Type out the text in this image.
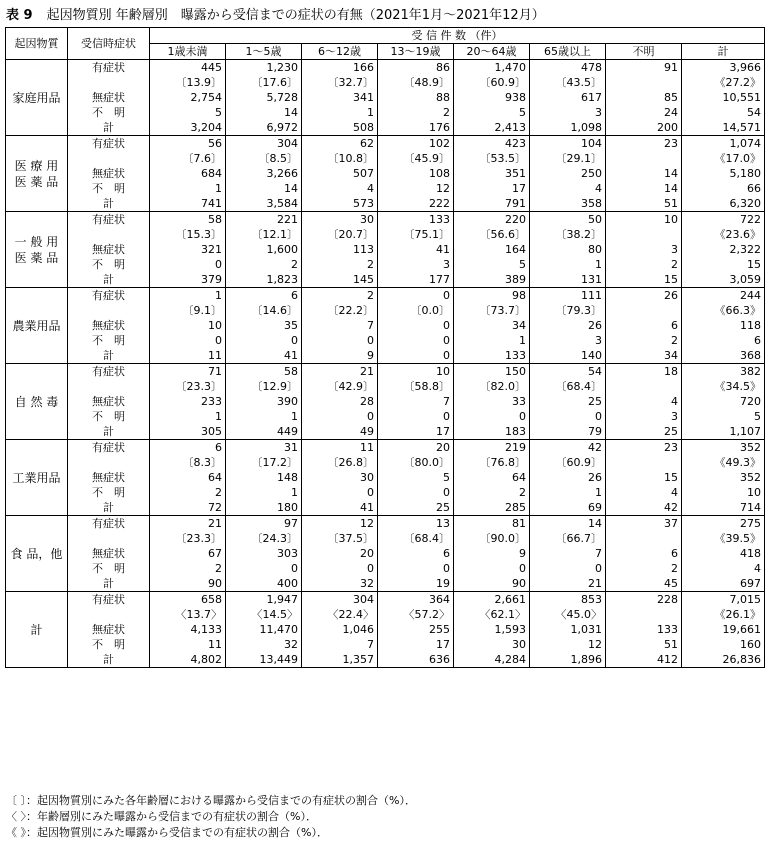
表 9 起因物質別 年齢層別　曝露から受信までの症状の有無（2021年1月～2021年12月）
起因物質	受信時症状	受 信 件 数 （件）							
		1歳未満	1～5歳	6～12歳	13～19歳	20～64歳	65歳以上	不明	計
家庭用品	有症状	445	1,230	166	86	1,470	478	91	3,966
		〔13.9〕	〔17.6〕	〔32.7〕	〔48.9〕	〔60.9〕	〔43.5〕		《27.2》
	無症状	2,754	5,728	341	88	938	617	85	10,551
	不　明	5	14	1	2	5	3	24	54
	計	3,204	6,972	508	176	2,413	1,098	200	14,571
医 療 用
医 薬 品	有症状	56	304	62	102	423	104	23	1,074
		〔7.6〕	〔8.5〕	〔10.8〕	〔45.9〕	〔53.5〕	〔29.1〕		《17.0》
	無症状	684	3,266	507	108	351	250	14	5,180
	不　明	1	14	4	12	17	4	14	66
	計	741	3,584	573	222	791	358	51	6,320
一 般 用
医 薬 品	有症状	58	221	30	133	220	50	10	722
		〔15.3〕	〔12.1〕	〔20.7〕	〔75.1〕	〔56.6〕	〔38.2〕		《23.6》
	無症状	321	1,600	113	41	164	80	3	2,322
	不　明	0	2	2	3	5	1	2	15
	計	379	1,823	145	177	389	131	15	3,059
農業用品	有症状	1	6	2	0	98	111	26	244
		〔9.1〕	〔14.6〕	〔22.2〕	〔0.0〕	〔73.7〕	〔79.3〕		《66.3》
	無症状	10	35	7	0	34	26	6	118
	不　明	0	0	0	0	1	3	2	6
	計	11	41	9	0	133	140	34	368
自 然 毒	有症状	71	58	21	10	150	54	18	382
		〔23.3〕	〔12.9〕	〔42.9〕	〔58.8〕	〔82.0〕	〔68.4〕		《34.5》
	無症状	233	390	28	7	33	25	4	720
	不　明	1	1	0	0	0	0	3	5
	計	305	449	49	17	183	79	25	1,107
工業用品	有症状	6	31	11	20	219	42	23	352
		〔8.3〕	〔17.2〕	〔26.8〕	〔80.0〕	〔76.8〕	〔60.9〕		《49.3》
	無症状	64	148	30	5	64	26	15	352
	不　明	2	1	0	0	2	1	4	10
	計	72	180	41	25	285	69	42	714
食 品，他	有症状	21	97	12	13	81	14	37	275
		〔23.3〕	〔24.3〕	〔37.5〕	〔68.4〕	〔90.0〕	〔66.7〕		《39.5》
	無症状	67	303	20	6	9	7	6	418
	不　明	2	0	0	0	0	0	2	4
	計	90	400	32	19	90	21	45	697
計	有症状	658	1,947	304	364	2,661	853	228	7,015
		〈13.7〉	〈14.5〉	〈22.4〉	〈57.2〉	〈62.1〉	〈45.0〉		《26.1》
	無症状	4,133	11,470	1,046	255	1,593	1,031	133	19,661
	不　明	11	32	7	17	30	12	51	160
	計	4,802	13,449	1,357	636	4,284	1,896	412	26,836
〔 〕：起因物質別にみた各年齢層における曝露から受信までの有症状の割合（%）．
〈 〉：年齢層別にみた曝露から受信までの有症状の割合（%）．
《 》：起因物質別にみた曝露から受信までの有症状の割合（%）．
